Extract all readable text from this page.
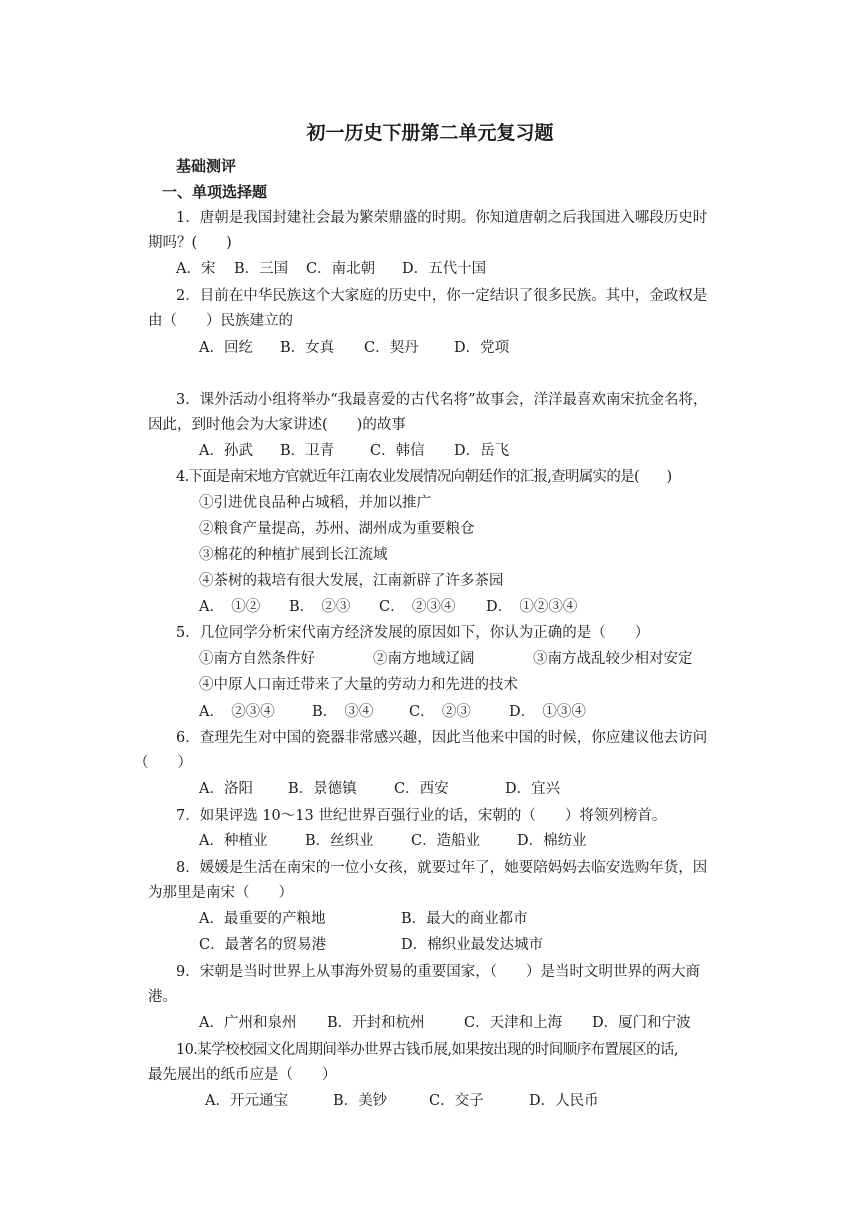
初一历史下册第二单元复习题
基础测评
一、单项选择题
1．唐朝是我国封建社会最为繁荣鼎盛的时期。你知道唐朝之后我国进入哪段历史时
期吗？(　　)
A．宋 B．三国 C．南北朝 D．五代十国
2．目前在中华民族这个大家庭的历史中，你一定结识了很多民族。其中，金政权是
由（　　）民族建立的
A．回纥 B．女真 C．契丹 D．党项
3．课外活动小组将举办“我最喜爱的古代名将”故事会，洋洋最喜欢南宋抗金名将，
因此，到时他会为大家讲述(　　)的故事
A．孙武 B．卫青 C．韩信 D．岳飞
4.下面是南宋地方官就近年江南农业发展情况向朝廷作的汇报,查明属实的是(　　)
①引进优良品种占城稻，并加以推广
②粮食产量提高，苏州、湖州成为重要粮仓
③棉花的种植扩展到长江流域
④茶树的栽培有很大发展，江南新辟了许多茶园
A．　①② B．　②③ C．　②③④ D．　①②③④
5．几位同学分析宋代南方经济发展的原因如下，你认为正确的是（　　）
①南方自然条件好	②南方地域辽阔	③南方战乱较少相对安定
④中原人口南迁带来了大量的劳动力和先进的技术
A．　②③④	B．　③④ C．　②③	D．　①③④
6．查理先生对中国的瓷器非常感兴趣，因此当他来中国的时候，你应建议他去访问
（　　）
A．洛阳 B．景德镇	C．西安	D．宜兴
7．如果评选 10～13 世纪世界百强行业的话，宋朝的（　　）将领列榜首。
A．种植业	B．丝织业	C．造船业	D．棉纺业
8．媛媛是生活在南宋的一位小女孩，就要过年了，她要陪妈妈去临安选购年货，因
为那里是南宋（　　）
A．最重要的产粮地	B．最大的商业都市
C．最著名的贸易港	D．棉织业最发达城市
9．宋朝是当时世界上从事海外贸易的重要国家，（　　）是当时文明世界的两大商
港。
A．广州和泉州 B．开封和杭州	C．天津和上海 D．厦门和宁波
10.某学校校园文化周期间举办世界古钱币展,如果按出现的时间顺序布置展区的话,
最先展出的纸币应是（　　）
A．开元通宝	B．美钞	C．交子	D．人民币
